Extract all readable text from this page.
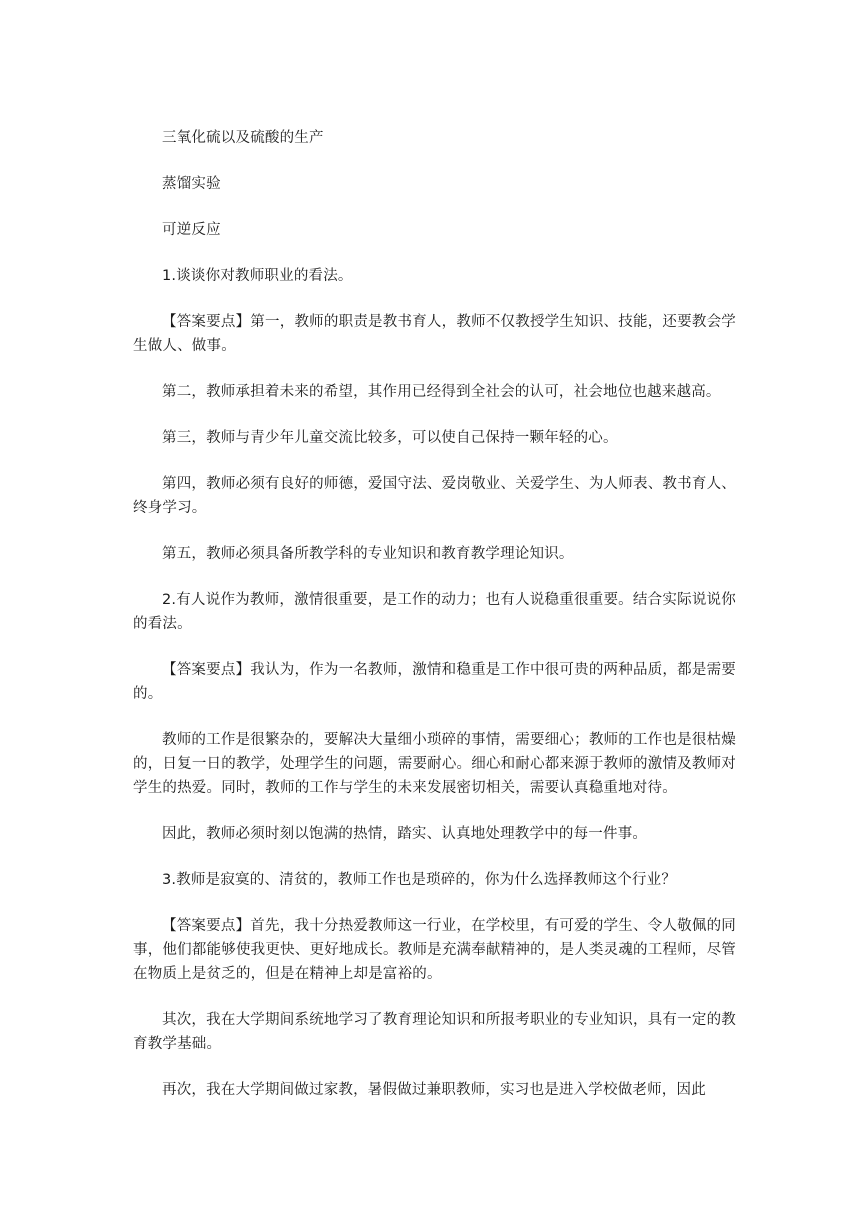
三氧化硫以及硫酸的生产

蒸馏实验

可逆反应

1.谈谈你对教师职业的看法。

【答案要点】第一，教师的职责是教书育人，教师不仅教授学生知识、技能，还要教会学生做人、做事。

第二，教师承担着未来的希望，其作用已经得到全社会的认可，社会地位也越来越高。

第三，教师与青少年儿童交流比较多，可以使自己保持一颗年轻的心。

第四，教师必须有良好的师德，爱国守法、爱岗敬业、关爱学生、为人师表、教书育人、终身学习。

第五，教师必须具备所教学科的专业知识和教育教学理论知识。

2.有人说作为教师，激情很重要，是工作的动力；也有人说稳重很重要。结合实际说说你的看法。

【答案要点】我认为，作为一名教师，激情和稳重是工作中很可贵的两种品质，都是需要的。

教师的工作是很繁杂的，要解决大量细小琐碎的事情，需要细心；教师的工作也是很枯燥的，日复一日的教学，处理学生的问题，需要耐心。细心和耐心都来源于教师的激情及教师对学生的热爱。同时，教师的工作与学生的未来发展密切相关，需要认真稳重地对待。

因此，教师必须时刻以饱满的热情，踏实、认真地处理教学中的每一件事。

3.教师是寂寞的、清贫的，教师工作也是琐碎的，你为什么选择教师这个行业？

【答案要点】首先，我十分热爱教师这一行业，在学校里，有可爱的学生、令人敬佩的同事，他们都能够使我更快、更好地成长。教师是充满奉献精神的，是人类灵魂的工程师，尽管在物质上是贫乏的，但是在精神上却是富裕的。

其次，我在大学期间系统地学习了教育理论知识和所报考职业的专业知识，具有一定的教育教学基础。

再次，我在大学期间做过家教，暑假做过兼职教师，实习也是进入学校做老师，因此
